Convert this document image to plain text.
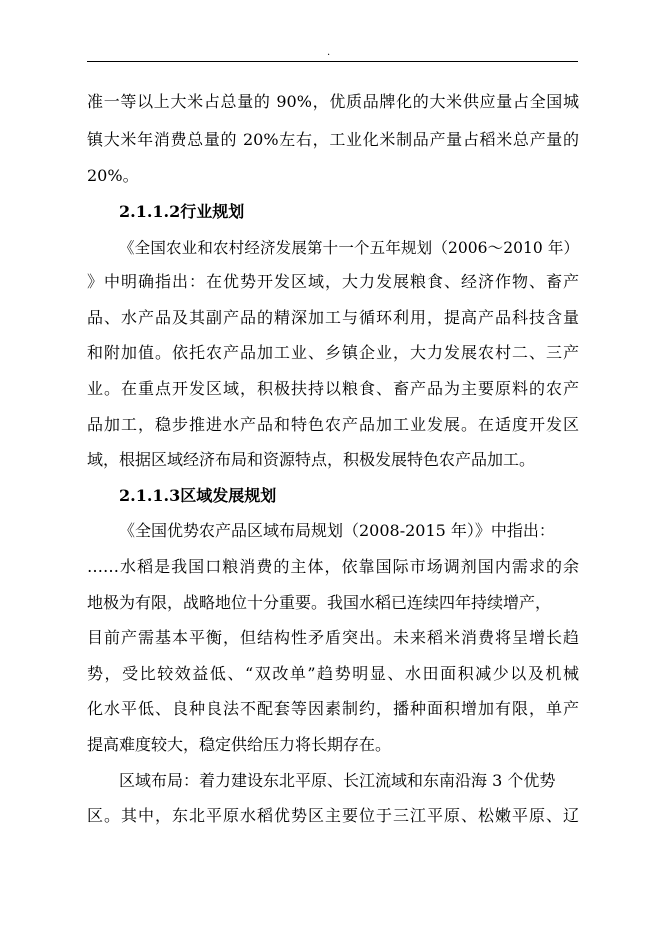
.
准一等以上大米占总量的 90%，优质品牌化的大米供应量占全国城
镇大米年消费总量的 20%左右，工业化米制品产量占稻米总产量的
20%。
2.1.1.2行业规划
《全国农业和农村经济发展第十一个五年规划（2006～2010 年）
》中明确指出：在优势开发区域，大力发展粮食、经济作物、畜产
品、水产品及其副产品的精深加工与循环利用，提高产品科技含量
和附加值。依托农产品加工业、乡镇企业，大力发展农村二、三产
业。在重点开发区域，积极扶持以粮食、畜产品为主要原料的农产
品加工，稳步推进水产品和特色农产品加工业发展。在适度开发区
域，根据区域经济布局和资源特点，积极发展特色农产品加工。
2.1.1.3区域发展规划
《全国优势农产品区域布局规划（2008-2015 年）》中指出：
……水稻是我国口粮消费的主体，依靠国际市场调剂国内需求的余
地极为有限，战略地位十分重要。我国水稻已连续四年持续增产，
目前产需基本平衡，但结构性矛盾突出。未来稻米消费将呈增长趋
势，受比较效益低、“双改单”趋势明显、水田面积减少以及机械
化水平低、良种良法不配套等因素制约，播种面积增加有限，单产
提高难度较大，稳定供给压力将长期存在。
区域布局：着力建设东北平原、长江流域和东南沿海 3 个优势
区。其中，东北平原水稻优势区主要位于三江平原、松嫩平原、辽
